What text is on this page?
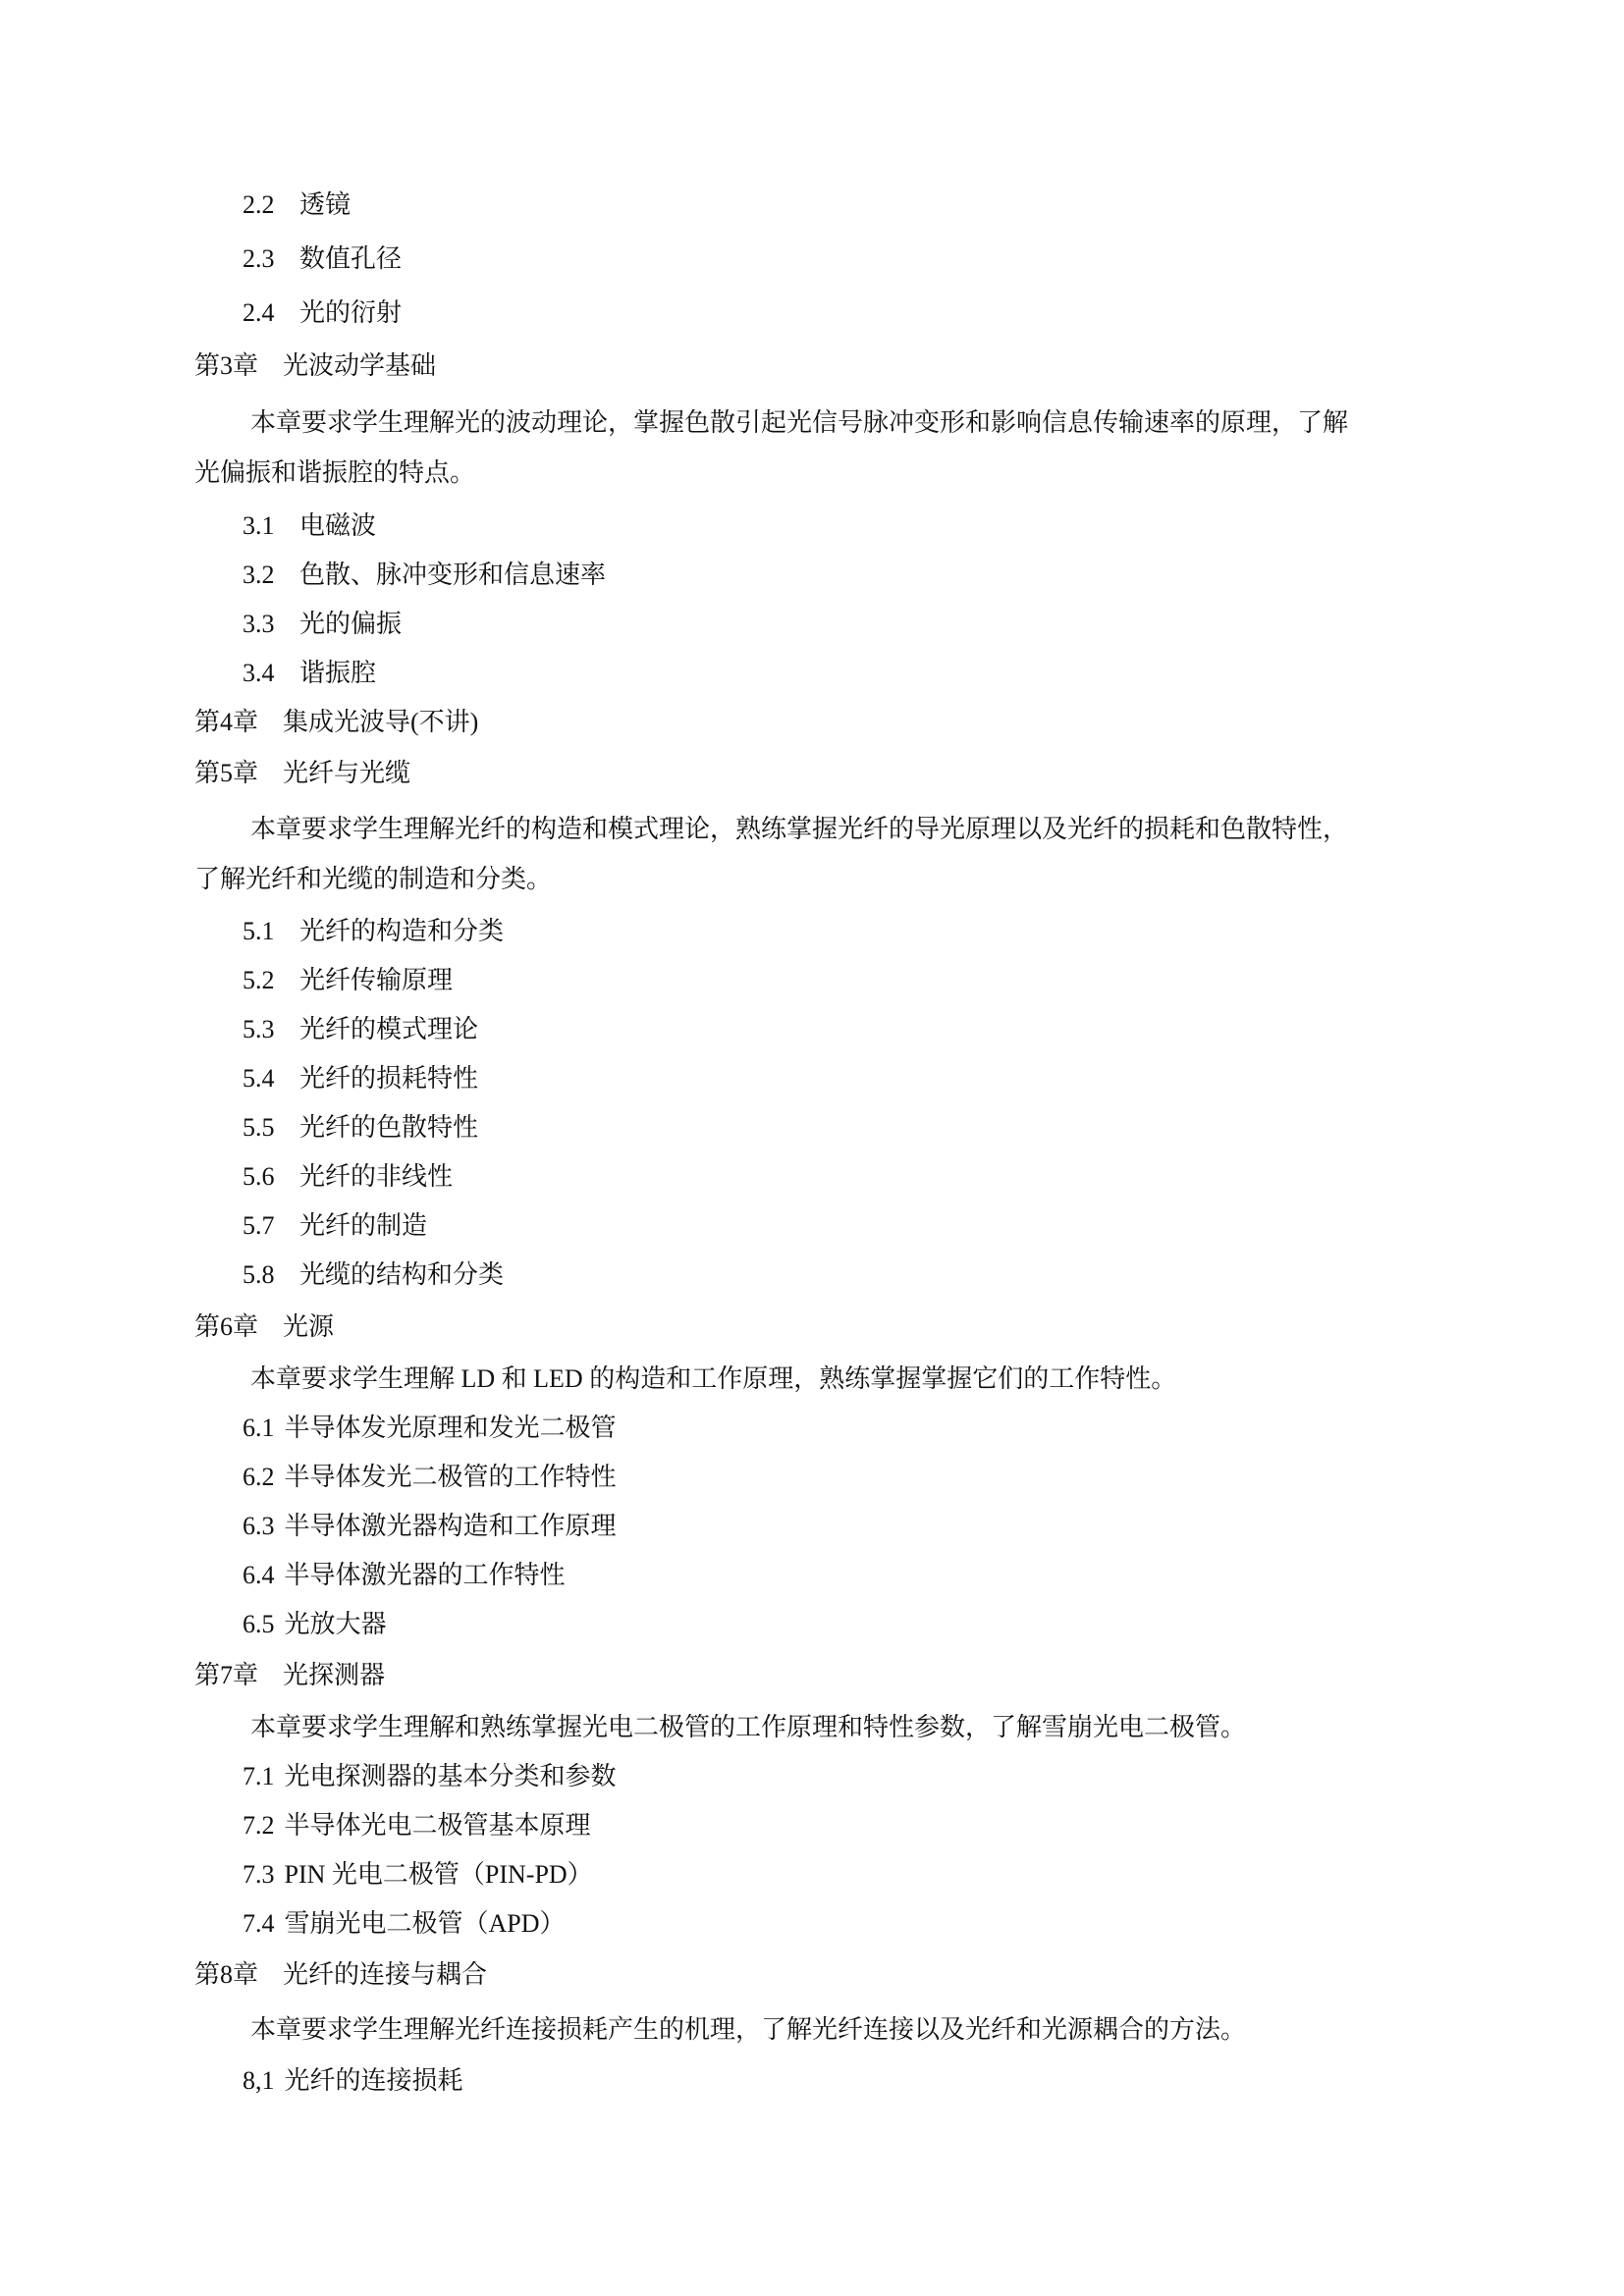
2.2 透镜
2.3 数值孔径
2.4 光的衍射
第3章 光波动学基础
本章要求学生理解光的波动理论，掌握色散引起光信号脉冲变形和影响信息传输速率的原理，了解
光偏振和谐振腔的特点。
3.1 电磁波
3.2 色散、脉冲变形和信息速率
3.3 光的偏振
3.4 谐振腔
第4章 集成光波导(不讲)
第5章 光纤与光缆
本章要求学生理解光纤的构造和模式理论，熟练掌握光纤的导光原理以及光纤的损耗和色散特性，
了解光纤和光缆的制造和分类。
5.1 光纤的构造和分类
5.2 光纤传输原理
5.3 光纤的模式理论
5.4 光纤的损耗特性
5.5 光纤的色散特性
5.6 光纤的非线性
5.7 光纤的制造
5.8 光缆的结构和分类
第6章 光源
本章要求学生理解 LD 和 LED 的构造和工作原理，熟练掌握掌握它们的工作特性。
6.1 半导体发光原理和发光二极管
6.2 半导体发光二极管的工作特性
6.3 半导体激光器构造和工作原理
6.4 半导体激光器的工作特性
6.5 光放大器
第7章 光探测器
本章要求学生理解和熟练掌握光电二极管的工作原理和特性参数，了解雪崩光电二极管。
7.1 光电探测器的基本分类和参数
7.2 半导体光电二极管基本原理
7.3 PIN 光电二极管（PIN-PD）
7.4 雪崩光电二极管（APD）
第8章 光纤的连接与耦合
本章要求学生理解光纤连接损耗产生的机理，了解光纤连接以及光纤和光源耦合的方法。
8,1 光纤的连接损耗
